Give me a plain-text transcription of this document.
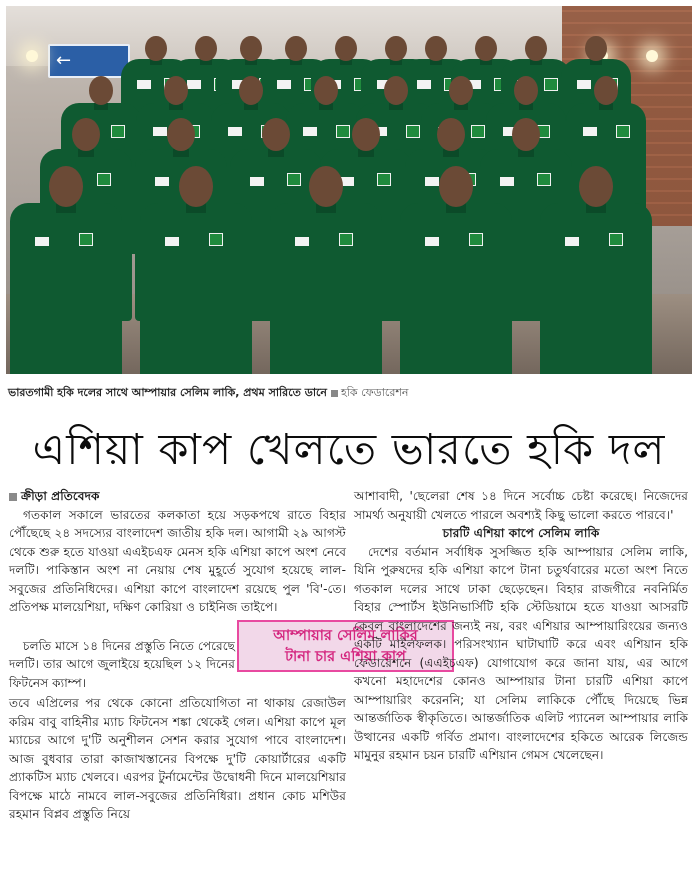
←
ভারতগামী হকি দলের সাথে আম্পায়ার সেলিম লাকি, প্রথম সারিতে ডানে হকি ফেডারেশন
এশিয়া কাপ খেলতে ভারতে হকি দল

ক্রীড়া প্রতিবেদক

গতকাল সকালে ভারতের কলকাতা হয়ে সড়কপথে রাতে বিহার পৌঁছেছে ২৪ সদস্যের বাংলাদেশ জাতীয় হকি দল। আগামী ২৯ আগস্ট থেকে শুরু হতে যাওয়া এএইচএফ মেনস হকি এশিয়া কাপে অংশ নেবে দলটি। পাকিস্তান অংশ না নেয়ায় শেষ মুহূর্তে সুযোগ হয়েছে লাল-সবুজের প্রতিনিধিদের। এশিয়া কাপে বাংলাদেশ রয়েছে পুল 'বি'-তে। প্রতিপক্ষ মালয়েশিয়া, দক্ষিণ কোরিয়া ও চাইনিজ তাইপে।

চলতি মাসে ১৪ দিনের প্রস্তুতি নিতে পেরেছে দলটি। তার আগে জুলাইয়ে হয়েছিল ১২ দিনের ফিটনেস ক্যাম্প।

তবে এপ্রিলের পর থেকে কোনো প্রতিযোগিতা না থাকায় রেজাউল করিম বাবু বাহিনীর ম্যাচ ফিটনেস শঙ্কা থেকেই গেল। এশিয়া কাপে মূল ম্যাচের আগে দু'টি অনুশীলন সেশন করার সুযোগ পাবে বাংলাদেশ। আজ বুধবার তারা কাজাখস্তানের বিপক্ষে দু'টি কোয়ার্টারের একটি প্র্যাকটিস ম্যাচ খেলবে। এরপর টুর্নামেন্টের উদ্বোধনী দিনে মালয়েশিয়ার বিপক্ষে মাঠে নামবে লাল-সবুজের প্রতিনিধিরা। প্রধান কোচ মশিউর রহমান বিপ্লব প্রস্তুতি নিয়ে

আম্পায়ার সেলিম লাকির
টানা চার এশিয়া কাপ

আশাবাদী, 'ছেলেরা শেষ ১৪ দিনে সর্বোচ্চ চেষ্টা করেছে। নিজেদের সামর্থ্য অনুযায়ী খেলতে পারলে অবশ্যই কিছু ভালো করতে পারবে।'

চারটি এশিয়া কাপে সেলিম লাকি

দেশের বর্তমান সর্বাধিক সুসজ্জিত হকি আম্পায়ার সেলিম লাকি, যিনি পুরুষদের হকি এশিয়া কাপে টানা চতুর্থবারের মতো অংশ নিতে গতকাল দলের সাথে ঢাকা ছেড়েছেন। বিহার রাজগীরে নবনির্মিত বিহার স্পোর্টস ইউনিভার্সিটি হকি স্টেডিয়ামে হতে যাওয়া আসরটি কেবল বাংলাদেশের জন্যই নয়, বরং এশিয়ার আম্পায়ারিংয়ের জন্যও একটি মাইলফলক। পরিসংখ্যান ঘাটাঘাটি করে এবং এশিয়ান হকি ফেডারেশনে (এএইচএফ) যোগাযোগ করে জানা যায়, এর আগে কখনো মহাদেশের কোনও আম্পায়ার টানা চারটি এশিয়া কাপে আম্পায়ারিং করেননি; যা সেলিম লাকিকে পৌঁছে দিয়েছে ভিন্ন আন্তর্জাতিক স্বীকৃতিতে। আন্তর্জাতিক এলিট প্যানেল আম্পায়ার লাকি উত্থানের একটি গর্বিত প্রমাণ। বাংলাদেশের হকিতে আরেক লিজেন্ড মামুনুর রহমান চয়ন চারটি এশিয়ান গেমস খেলেছেন।
